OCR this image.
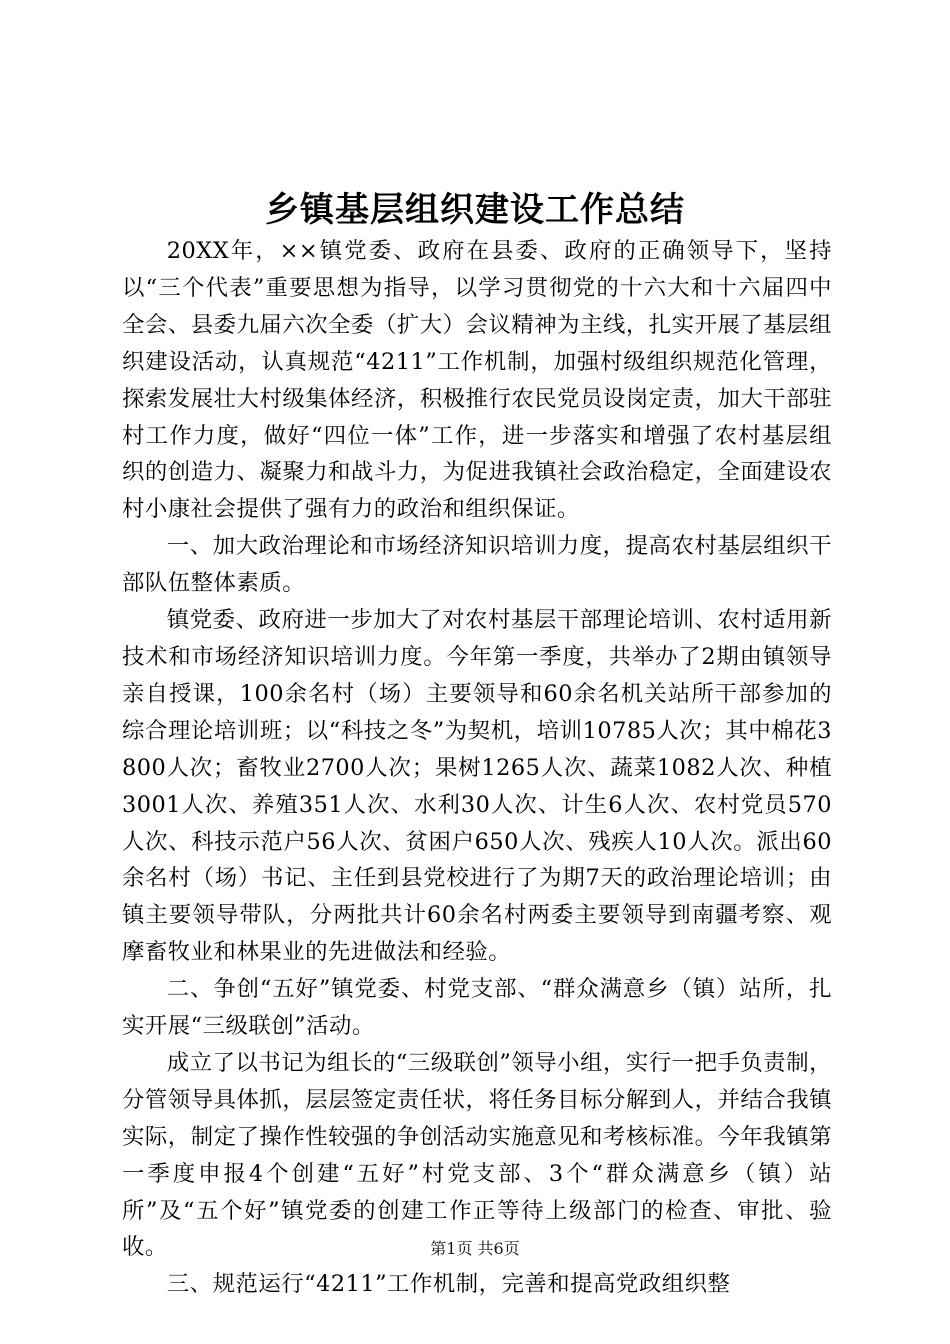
乡镇基层组织建设工作总结

20XX年，××镇党委、政府在县委、政府的正确领导下，坚持以“三个代表”重要思想为指导，以学习贯彻党的十六大和十六届四中全会、县委九届六次全委（扩大）会议精神为主线，扎实开展了基层组织建设活动，认真规范“4211”工作机制，加强村级组织规范化管理，探索发展壮大村级集体经济，积极推行农民党员设岗定责，加大干部驻村工作力度，做好“四位一体”工作，进一步落实和增强了农村基层组织的创造力、凝聚力和战斗力，为促进我镇社会政治稳定，全面建设农村小康社会提供了强有力的政治和组织保证。

一、加大政治理论和市场经济知识培训力度，提高农村基层组织干部队伍整体素质。

镇党委、政府进一步加大了对农村基层干部理论培训、农村适用新技术和市场经济知识培训力度。今年第一季度，共举办了2期由镇领导亲自授课，100余名村（场）主要领导和60余名机关站所干部参加的综合理论培训班；以“科技之冬”为契机，培训10785人次；其中棉花3800人次；畜牧业2700人次；果树1265人次、蔬菜1082人次、种植3001人次、养殖351人次、水利30人次、计生6人次、农村党员570人次、科技示范户56人次、贫困户650人次、残疾人10人次。派出60余名村（场）书记、主任到县党校进行了为期7天的政治理论培训；由镇主要领导带队，分两批共计60余名村两委主要领导到南疆考察、观摩畜牧业和林果业的先进做法和经验。

二、争创“五好”镇党委、村党支部、“群众满意乡（镇）站所，扎实开展“三级联创”活动。

成立了以书记为组长的“三级联创”领导小组，实行一把手负责制，分管领导具体抓，层层签定责任状，将任务目标分解到人，并结合我镇实际，制定了操作性较强的争创活动实施意见和考核标准。今年我镇第一季度申报4个创建“五好”村党支部、3个“群众满意乡（镇）站所”及“五个好”镇党委的创建工作正等待上级部门的检查、审批、验收。

三、规范运行“4211”工作机制，完善和提高党政组织整

第1页 共6页
